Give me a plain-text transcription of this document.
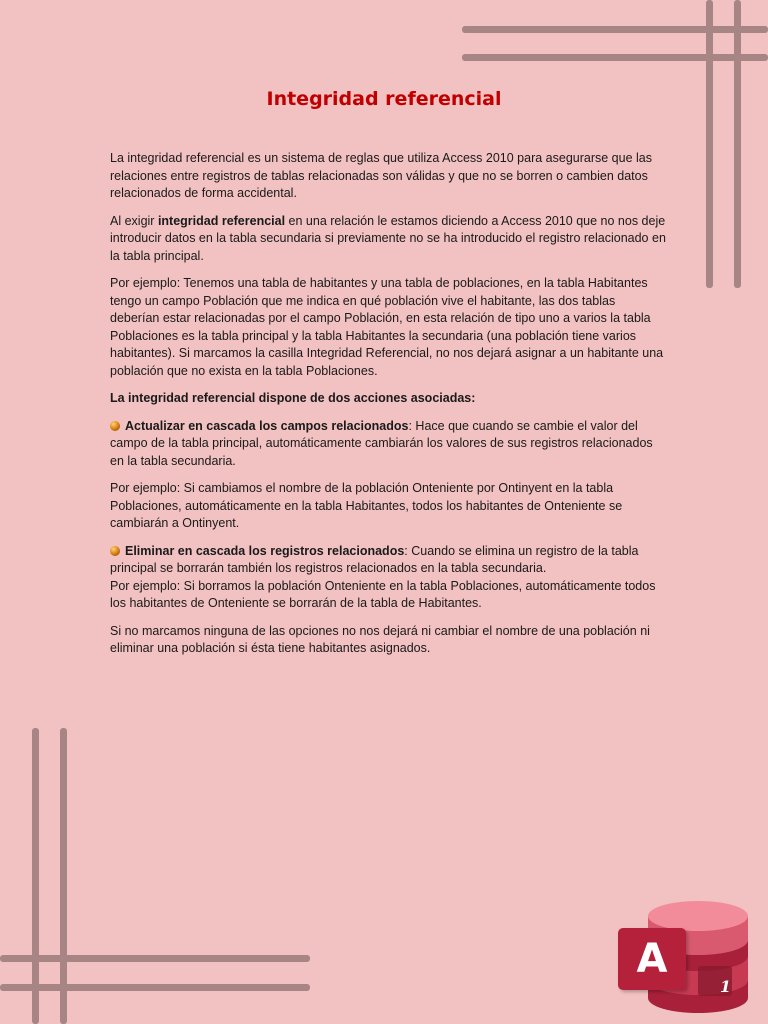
Integridad referencial

La integridad referencial es un sistema de reglas que utiliza Access 2010 para asegurarse que las relaciones entre registros de tablas relacionadas son válidas y que no se borren o cambien datos relacionados de forma accidental.

Al exigir integridad referencial en una relación le estamos diciendo a Access 2010 que no nos deje introducir datos en la tabla secundaria si previamente no se ha introducido el registro relacionado en la tabla principal.

Por ejemplo: Tenemos una tabla de habitantes y una tabla de poblaciones, en la tabla Habitantes tengo un campo Población que me indica en qué población vive el habitante, las dos tablas deberían estar relacionadas por el campo Población, en esta relación de tipo uno a varios la tabla Poblaciones es la tabla principal y la tabla Habitantes la secundaria (una población tiene varios habitantes). Si marcamos la casilla Integridad Referencial, no nos dejará asignar a un habitante una población que no exista en la tabla Poblaciones.

La integridad referencial dispone de dos acciones asociadas:

Actualizar en cascada los campos relacionados: Hace que cuando se cambie el valor del campo de la tabla principal, automáticamente cambiarán los valores de sus registros relacionados en la tabla secundaria.

Por ejemplo: Si cambiamos el nombre de la población Onteniente por Ontinyent en la tabla Poblaciones, automáticamente en la tabla Habitantes, todos los habitantes de Onteniente se cambiarán a Ontinyent.

Eliminar en cascada los registros relacionados: Cuando se elimina un registro de la tabla principal se borrarán también los registros relacionados en la tabla secundaria.
Por ejemplo: Si borramos la población Onteniente en la tabla Poblaciones, automáticamente todos los habitantes de Onteniente se borrarán de la tabla de Habitantes.

Si no marcamos ninguna de las opciones no nos dejará ni cambiar el nombre de una población ni eliminar una población si ésta tiene habitantes asignados.

A
1
